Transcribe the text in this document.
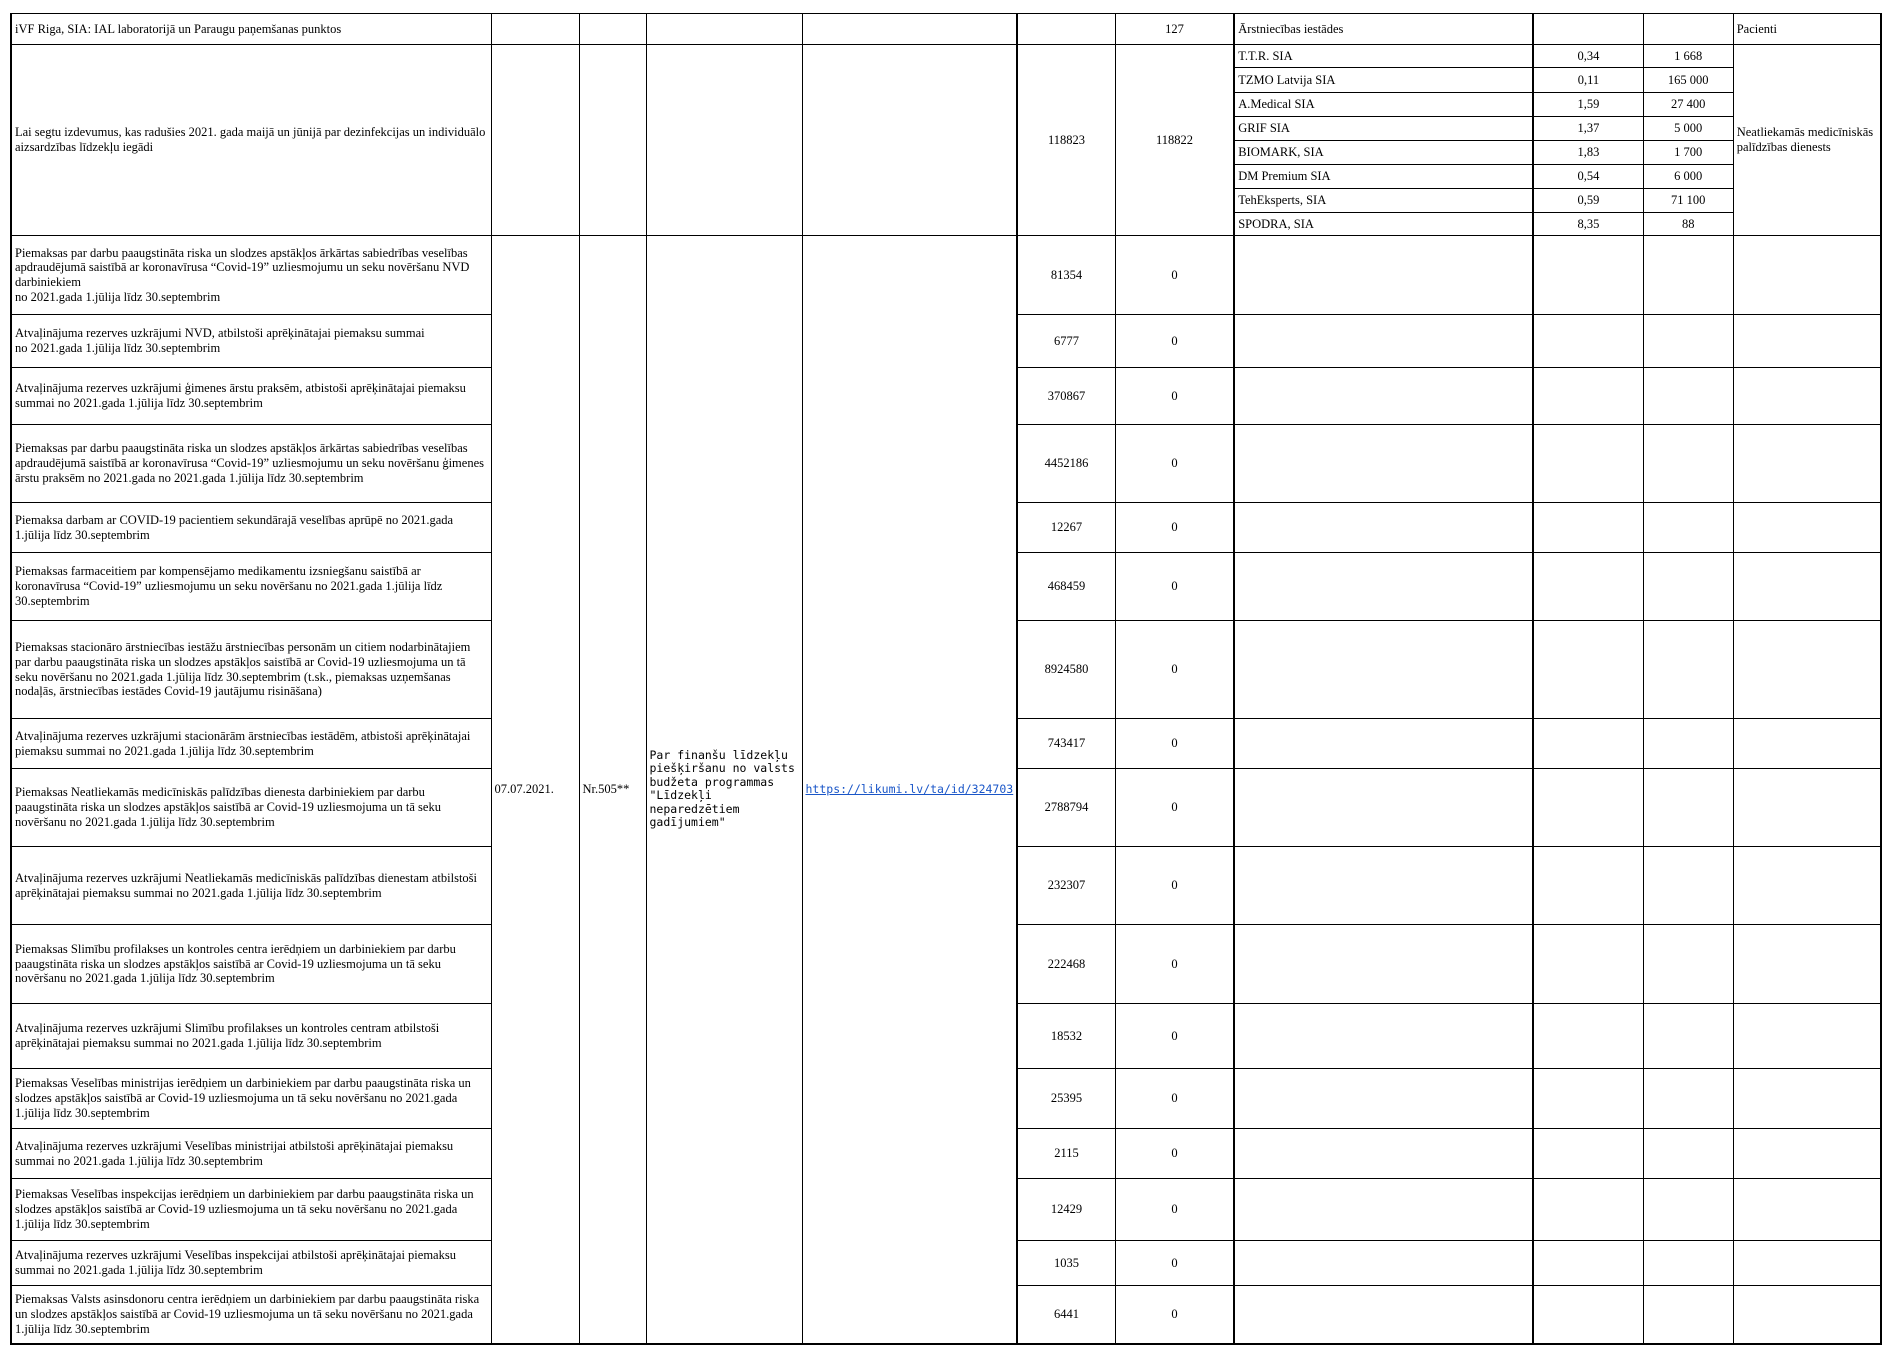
iVF Riga, SIA: IAL laboratorijā un Paraugu paņemšanas punktos						127	Ārstniecības iestādes			Pacienti
Lai segtu izdevumus, kas radušies 2021. gada maijā un jūnijā par dezinfekcijas un individuālo aizsardzības līdzekļu iegādi					118823	118822	T.T.R. SIA	0,34	1 668	Neatliekamās medicīniskās palīdzības dienests
							TZMO Latvija SIA	0,11	165 000	
							A.Medical SIA	1,59	27 400	
							GRIF SIA	1,37	5 000	
							BIOMARK, SIA	1,83	1 700	
							DM Premium SIA	0,54	6 000	
							TehEksperts, SIA	0,59	71 100	
							SPODRA, SIA	8,35	88	
Piemaksas par darbu paaugstināta riska un slodzes apstākļos ārkārtas sabiedrības veselības apdraudējumā saistībā ar koronavīrusa “Covid-19” uzliesmojumu un seku novēršanu NVD darbiniekiem
no 2021.gada 1.jūlija līdz 30.septembrim	07.07.2021.	Nr.505**	Par finanšu līdzekļu piešķiršanu no valsts budžeta programmas "Līdzekļi neparedzētiem gadījumiem"	https://likumi.lv/ta/id/324703	81354	0				
Atvaļinājuma rezerves uzkrājumi NVD, atbilstoši aprēķinātajai piemaksu summai
no 2021.gada 1.jūlija līdz 30.septembrim					6777	0				
Atvaļinājuma rezerves uzkrājumi ģimenes ārstu praksēm, atbistoši aprēķinātajai piemaksu summai no 2021.gada 1.jūlija līdz 30.septembrim					370867	0				
Piemaksas par darbu paaugstināta riska un slodzes apstākļos ārkārtas sabiedrības veselības apdraudējumā saistībā ar koronavīrusa “Covid-19” uzliesmojumu un seku novēršanu ģimenes ārstu praksēm no 2021.gada no 2021.gada 1.jūlija līdz 30.septembrim					4452186	0				
Piemaksa darbam ar COVID-19 pacientiem sekundārajā veselības aprūpē no 2021.gada 1.jūlija līdz 30.septembrim					12267	0				
Piemaksas farmaceitiem par kompensējamo medikamentu izsniegšanu saistībā ar koronavīrusa “Covid-19” uzliesmojumu un seku novēršanu no 2021.gada 1.jūlija līdz 30.septembrim					468459	0				
Piemaksas stacionāro ārstniecības iestāžu ārstniecības personām un citiem nodarbinātajiem par darbu paaugstināta riska un slodzes apstākļos saistībā ar Covid-19 uzliesmojuma un tā seku novēršanu no 2021.gada 1.jūlija līdz 30.septembrim (t.sk., piemaksas uzņemšanas nodaļās, ārstniecības iestādes Covid-19 jautājumu risināšana)					8924580	0				
Atvaļinājuma rezerves uzkrājumi stacionārām ārstniecības iestādēm, atbistoši aprēķinātajai piemaksu summai no 2021.gada 1.jūlija līdz 30.septembrim					743417	0				
Piemaksas Neatliekamās medicīniskās palīdzības dienesta darbiniekiem par darbu paaugstināta riska un slodzes apstākļos saistībā ar Covid-19 uzliesmojuma un tā seku novēršanu no 2021.gada 1.jūlija līdz 30.septembrim					2788794	0				
Atvaļinājuma rezerves uzkrājumi Neatliekamās medicīniskās palīdzības dienestam atbilstoši aprēķinātajai piemaksu summai no 2021.gada 1.jūlija līdz 30.septembrim					232307	0				
Piemaksas Slimību profilakses un kontroles centra ierēdņiem un darbiniekiem par darbu paaugstināta riska un slodzes apstākļos saistībā ar Covid-19 uzliesmojuma un tā seku novēršanu no 2021.gada 1.jūlija līdz 30.septembrim					222468	0				
Atvaļinājuma rezerves uzkrājumi Slimību profilakses un kontroles centram atbilstoši aprēķinātajai piemaksu summai no 2021.gada 1.jūlija līdz 30.septembrim					18532	0				
Piemaksas Veselības ministrijas ierēdņiem un darbiniekiem par darbu paaugstināta riska un slodzes apstākļos saistībā ar Covid-19 uzliesmojuma un tā seku novēršanu no 2021.gada 1.jūlija līdz 30.septembrim					25395	0				
Atvaļinājuma rezerves uzkrājumi Veselības ministrijai atbilstoši aprēķinātajai piemaksu summai no 2021.gada 1.jūlija līdz 30.septembrim					2115	0				
Piemaksas Veselības inspekcijas ierēdņiem un darbiniekiem par darbu paaugstināta riska un slodzes apstākļos saistībā ar Covid-19 uzliesmojuma un tā seku novēršanu no 2021.gada 1.jūlija līdz 30.septembrim					12429	0				
Atvaļinājuma rezerves uzkrājumi Veselības inspekcijai atbilstoši aprēķinātajai piemaksu summai no 2021.gada 1.jūlija līdz 30.septembrim					1035	0				
Piemaksas Valsts asinsdonoru centra ierēdņiem un darbiniekiem par darbu paaugstināta riska un slodzes apstākļos saistībā ar Covid-19 uzliesmojuma un tā seku novēršanu no 2021.gada 1.jūlija līdz 30.septembrim					6441	0				
